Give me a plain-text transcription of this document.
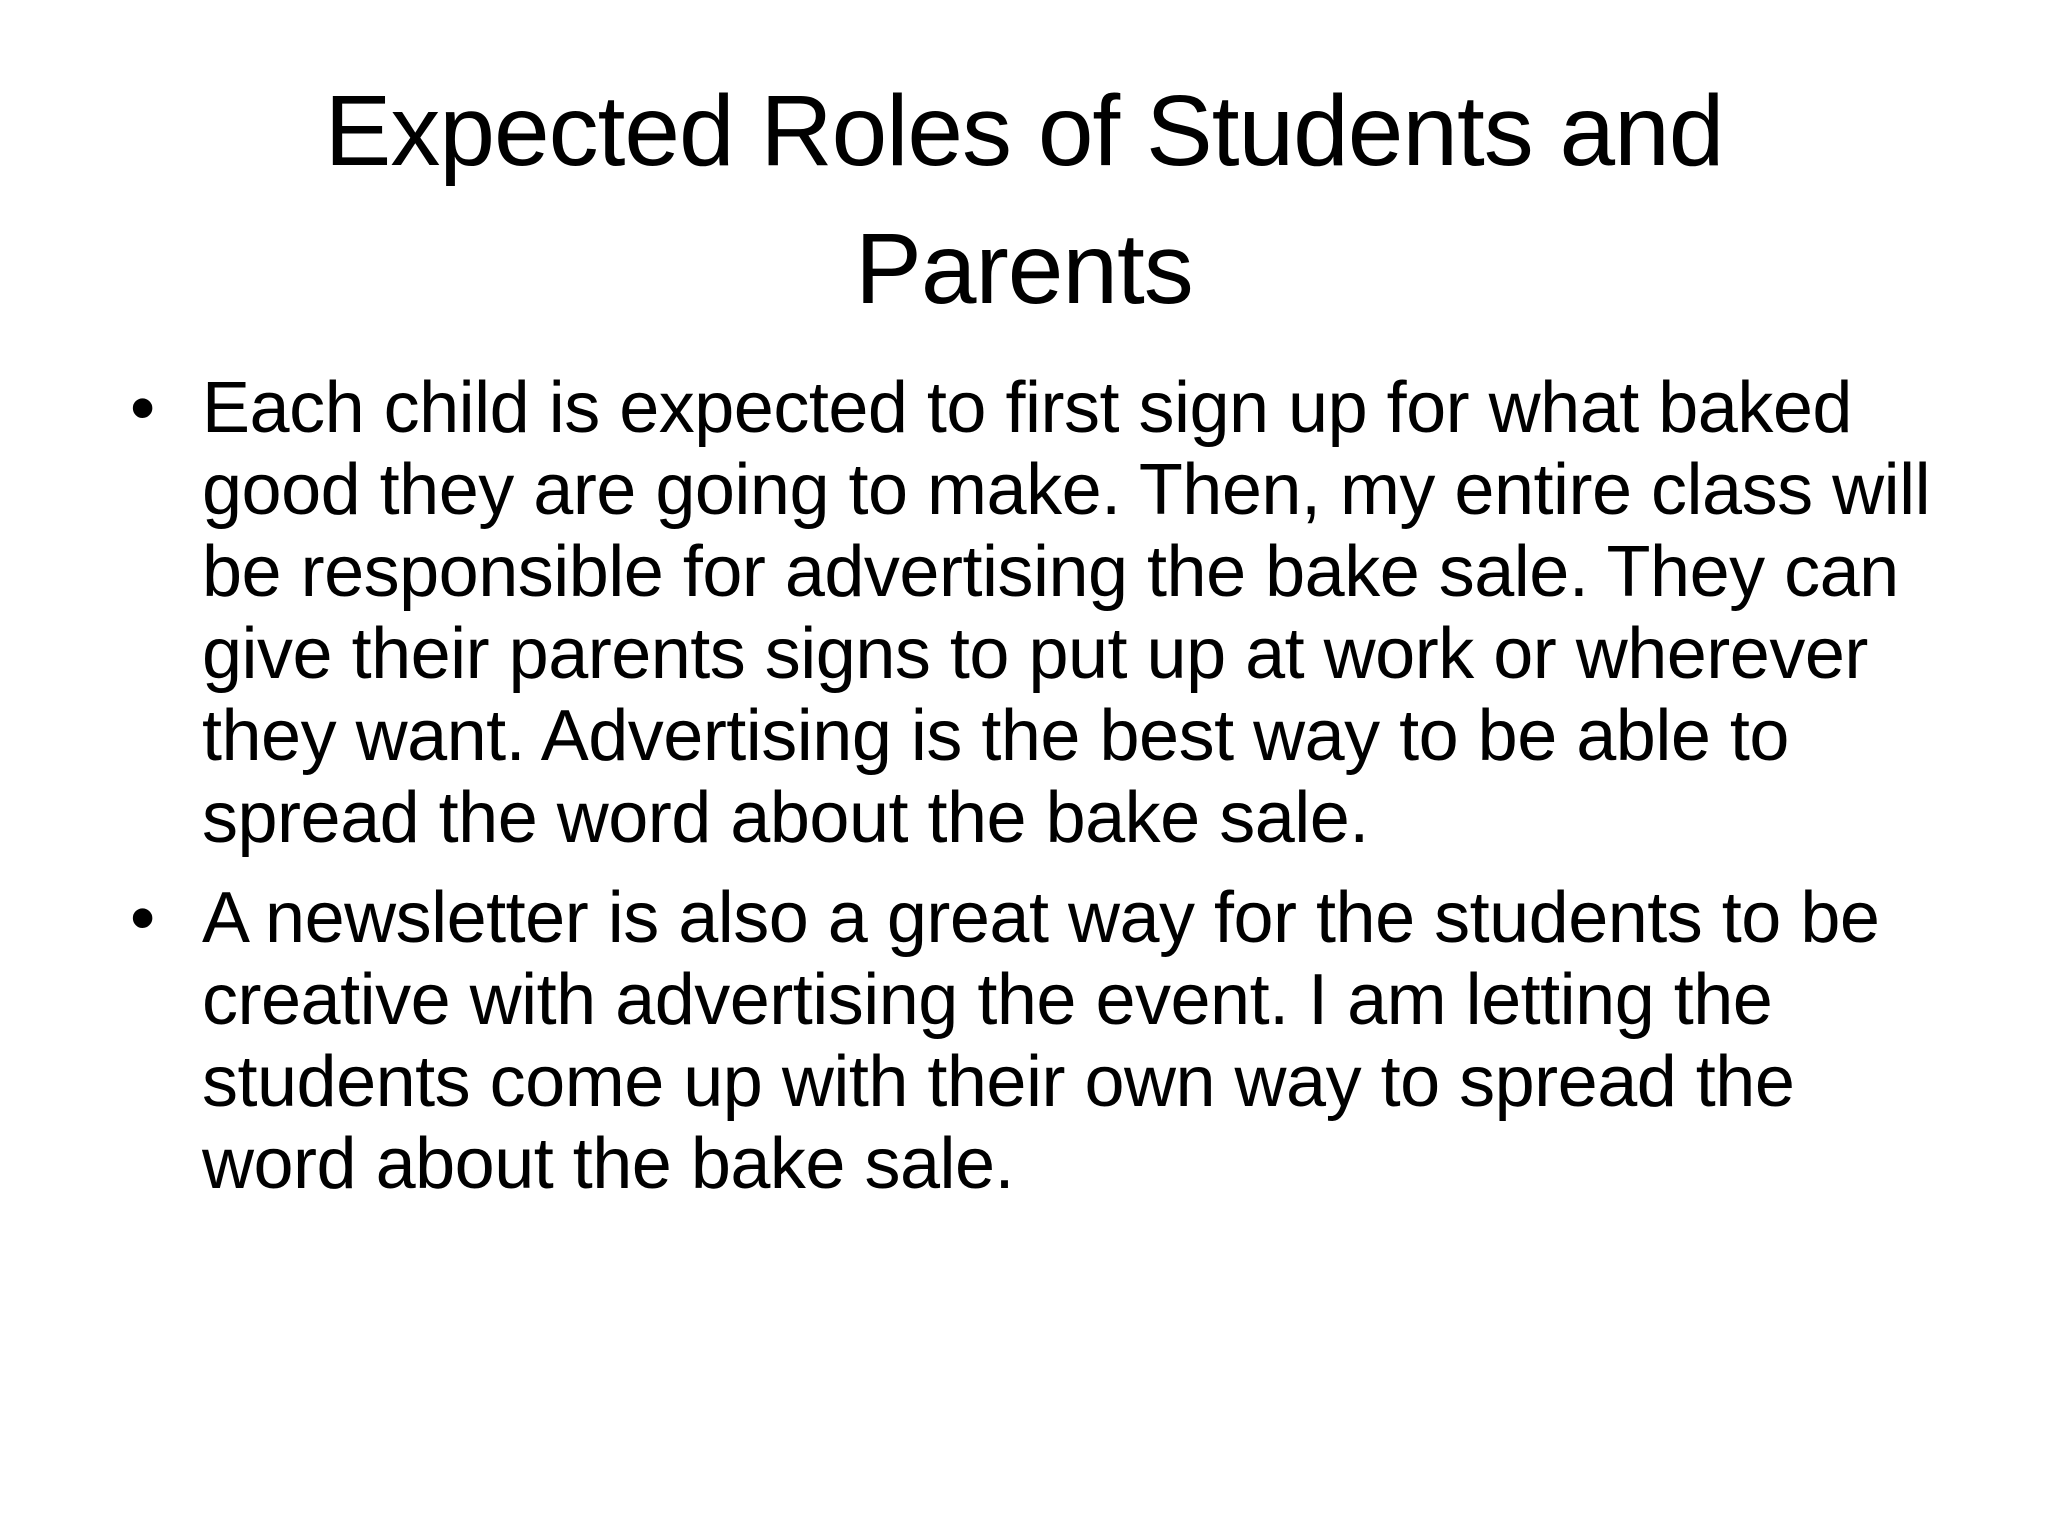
Expected Roles of Students and Parents
• Each child is expected to first sign up for what baked good they are going to make. Then, my entire class will be responsible for advertising the bake sale. They can give their parents signs to put up at work or wherever they want. Advertising is the best way to be able to spread the word about the bake sale.
• A newsletter is also a great way for the students to be creative with advertising the event. I am letting the students come up with their own way to spread the word about the bake sale.
